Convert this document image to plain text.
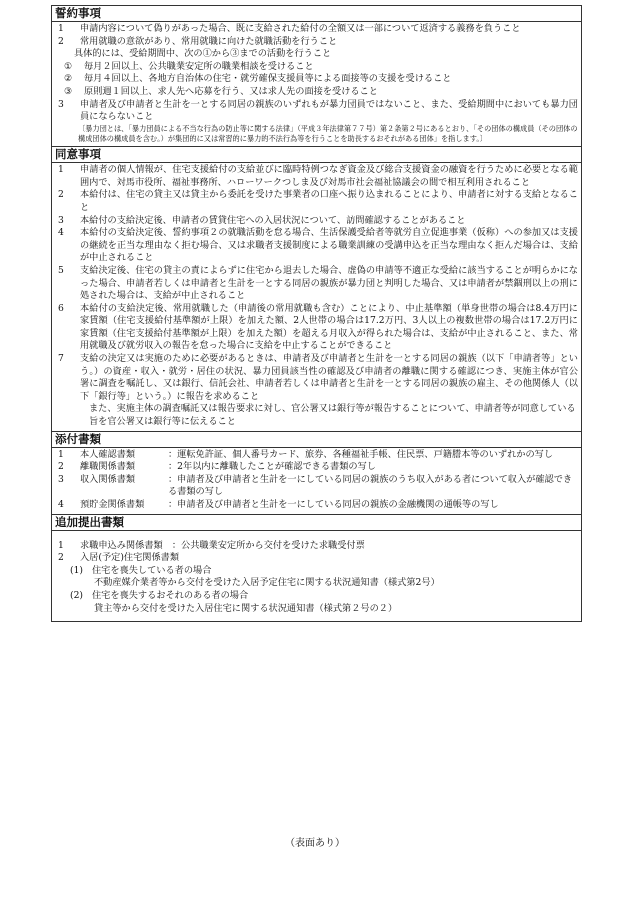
誓約事項
1	申請内容について偽りがあった場合、既に支給された給付の全額又は一部について返済する義務を負うこと
2	常用就職の意欲があり、常用就職に向けた就職活動を行うこと
具体的には、受給期間中、次の①から③までの活動を行うこと
①	毎月２回以上、公共職業安定所の職業相談を受けること
②	毎月４回以上、各地方自治体の住宅・就労確保支援員等による面接等の支援を受けること
③	原則週１回以上、求人先へ応募を行う、又は求人先の面接を受けること
3	申請者及び申請者と生計を一とする同居の親族のいずれもが暴力団員ではないこと、また、受給期間中においても暴力団員にならないこと
〔暴力団とは、「暴力団員による不当な行為の防止等に関する法律」（平成３年法律第７７号）第２条第２号にあるとおり、「その団体の構成員（その団体の構成団体の構成員を含む。）が集団的に又は常習的に暴力的不法行為等を行うことを助長するおそれがある団体」を指します。〕
同意事項
1	申請者の個人情報が、住宅支援給付の支給並びに臨時特例つなぎ資金及び総合支援資金の融資を行うために必要となる範囲内で、対馬市役所、福祉事務所、ハローワークつしま及び対馬市社会福祉協議会の間で相互利用されること
2	本給付は、住宅の貸主又は貸主から委託を受けた事業者の口座へ振り込まれることにより、申請者に対する支給となること
3	本給付の支給決定後、申請者の賃貸住宅への入居状況について、訪問確認することがあること
4	本給付の支給決定後、誓約事項２の就職活動を怠る場合、生活保護受給者等就労自立促進事業（仮称）への参加又は支援の継続を正当な理由なく拒む場合、又は求職者支援制度による職業訓練の受講申込を正当な理由なく拒んだ場合は、支給が中止されること
5	支給決定後、住宅の貸主の責によらずに住宅から退去した場合、虚偽の申請等不適正な受給に該当することが明らかになった場合、申請者若しくは申請者と生計を一とする同居の親族が暴力団と判明した場合、又は申請者が禁錮刑以上の刑に処された場合は、支給が中止されること
6	本給付の支給決定後、常用就職した（申請後の常用就職も含む）ことにより、中止基準額（単身世帯の場合は8.4万円に家賃額（住宅支援給付基準額が上限）を加えた額、2人世帯の場合は17.2万円、3人以上の複数世帯の場合は17.2万円に家賃額（住宅支援給付基準額が上限）を加えた額）を超える月収入が得られた場合は、支給が中止されること、また、常用就職及び就労収入の報告を怠った場合に支給を中止することができること
7	支給の決定又は実施のために必要があるときは、申請者及び申請者と生計を一とする同居の親族（以下「申請者等」という。）の資産・収入・就労・居住の状況、暴力団員該当性の確認及び申請者の離職に関する確認につき、実施主体が官公署に調査を嘱託し、又は銀行、信託会社、申請者若しくは申請者と生計を一とする同居の親族の雇主、その他関係人（以下「銀行等」という。）に報告を求めること
また、実施主体の調査嘱託又は報告要求に対し、官公署又は銀行等が報告することについて、申請者等が同意している旨を官公署又は銀行等に伝えること
添付書類
1	本人確認書類	：運転免許証、個人番号カード、旅券、各種福祉手帳、住民票、戸籍謄本等のいずれかの写し
2	離職関係書類	：2年以内に離職したことが確認できる書類の写し
3	収入関係書類	：申請者及び申請者と生計を一にしている同居の親族のうち収入がある者について収入が確認できる書類の写し
4	預貯金関係書類	：申請者及び申請者と生計を一にしている同居の親族の金融機関の通帳等の写し
追加提出書類
1	求職申込み関係書類　：公共職業安定所から交付を受けた求職受付票
2	入居(予定)住宅関係書類
(1) 住宅を喪失している者の場合
不動産媒介業者等から交付を受けた入居予定住宅に関する状況通知書（様式第2号）
(2) 住宅を喪失するおそれのある者の場合
貸主等から交付を受けた入居住宅に関する状況通知書（様式第２号の２）
（表面あり）
